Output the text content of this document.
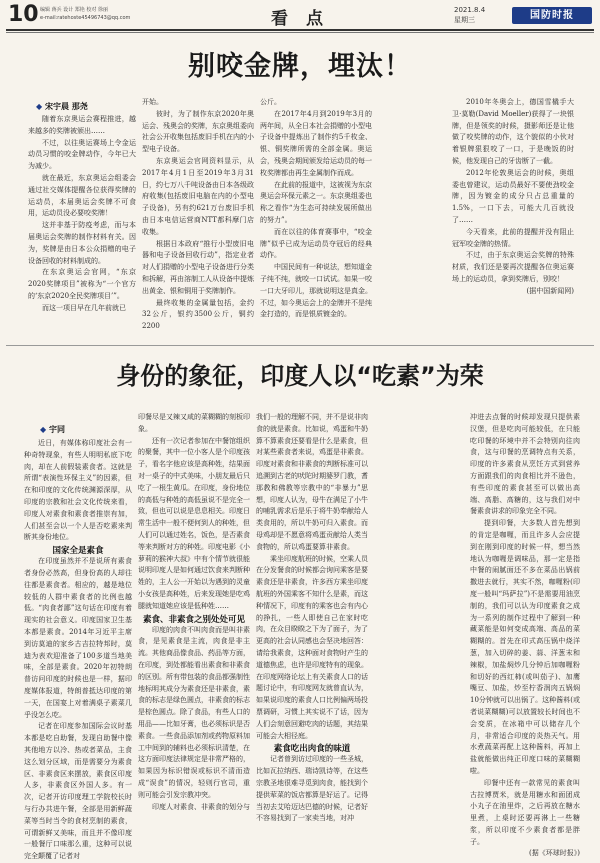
10 编辑 蒋兵 设计 郑艳 校对 徐丽
e-mail:ratehoste45496743@qq.com	看 点	2021.8.4
星期三	国防时报
别咬金牌，埋汰！
◆ 宋宇晨 那尧

随着东京奥运会赛程推进，越来越多的奖牌被颁出……

不过，以往奥运赛场上令金运动员习惯的咬金牌动作，今年已大为减少。

就在最近，东京奥运会组委会通过社交媒体提醒各位获得奖牌的运动员，本届奥运会奖牌不可食用，运动员没必要咬奖牌！

这并非基于防疫考虑，而与本届奥运会奖牌的制作材料有关。因为，奖牌是由日本公众捐赠的电子设备回收的材料制成的。

在东京奥运会官网，“东京2020奖牌项目”被称为“一个官方的‘东京2020全民奖牌项目’”。

而这一项目早在几年前就已

开始。

彼时，为了制作东京2020年奥运会、残奥会的奖牌，东京奥组委向社会公开收集包括废旧手机在内的小型电子设备。

东京奥运会官网资料显示，从2017年4月1日至2019年3月31日，约七万八千吨设备由日本各级政府收集(包括废旧电脑在内的小型电子设备)，另有约621万台废旧手机由日本电信运营商NTT都科摩门店收集。

根据日本政府“推行小型废旧电器和电子设备回收行动”，指定业者对人们捐赠的小型电子设备进行分类和拆解，再由溶制工人从设备中提炼出黄金、银和铜用于奖牌制作。

最终收集的金属量包括，金约32公斤，银约3500公斤，铜约2200

公斤。

在2017年4月到2019年3月的两年间，从全日本社会捐赠的小型电子设备中提炼出了制作约5千枚金、银、铜奖牌所需的全部金属。奥运会，残奥会期间颁发给运动员的每一枚奖牌都由再生金属制作而成。

在此前的报道中，这被视为东京奥运会环保元素之一。东京奥组委也称之看作“为生态可持续发展所做出的努力”。

而在以往的体育赛事中，“咬金牌”似乎已成为运动员夺冠后的经典动作。

中国民间有一种说法，想知道金子纯不纯，就咬一口试试。如果一咬一口大牙印儿，那就说明这是真金。不过，如今奥运会上的金牌并不是纯金打造的，而是银质镀金的。

2010年冬奥会上，德国雪橇手大卫·莫勒(David Moeller)获得了一块银牌，但是领奖的时候，摄影师还是让他做了咬奖牌的动作，这个貌似的小伙对着银牌狠狠咬了一口，于是晚饭的时候，他发现自己的牙齿断了一截。

2012年伦敦奥运会的时候，奥组委也曾建议，运动员最好不要使劲咬金牌，因为镀金的成分只占总重量的1.5%，一口下去，可能大几百就没了……

今天看来，此前的提醒并没有阻止冠军咬金牌的热情。

不过，由于东京奥运会奖牌的特殊材质，我们还是要再次提醒各位奥运赛场上的运动员，拿到奖牌后，别咬！

(据中国新闻网)

身份的象征，印度人以“吃素”为荣
◆ 宇同

近日，有媒体称印度社会有一种奇特现象，有些人明明私底下吃肉，却在人前假装素食者。这就是所谓“表演性环保主义”的因素，但在和印度的文化传统渊源深厚，从印度的宗教和社会文化传统来看，印度人对素食和素食者推崇有加，人们甚至会以一个人是否吃素来判断其身份地位。

国家全是素食

在印度虽然并不是说所有素食者身份必然高，但身份高的人却往往都是素食者。相应的，越是地位较低的人群中素食者的比例也越低。“肉食者鄙”这句话在印度有着现实的社会意义。印度国家卫生基本都是素食。2014年习近平主席到访莫迪的家乡古吉拉特邦时，莫迪为表欢迎准备了100多道当地美味，全部是素食。2020年初特朗普访问印度的时候也是一样，据印度媒体报道，特朗普抵达印度的第一天，在国宴上对着满桌子素菜几乎没怎么吃。

记者在印度参加国际会议时基本都是吃自助餐，发现自助餐中像其他地方以冷、热或者菜品，主食这么划分区域，而是需要分为素食区、非素食区来摆放，素食区印度人多，非素食区外国人多。有一次，记者开访印度理工学院校长时与行办共进午餐，全部是用新鲜蔬菜等当时当令的食材烹制的素食，可谓新鲜又美味，而且并不像印度一般餐厅口味那么重，这种可以说完全颠覆了记者对

印餐尽是又辣又咸的菜糊糊的刻板印象。

还有一次记者参加在中餐馆组织的聚餐，其中一位小客人是个印度孩子，看名字他应该是高种姓，结果面对一桌子的中式美味，小朋友最后只吃了一根生黄瓜。在印度，身份地位的高低与种姓的高低虽说不是完全一致，但也可以说是息息相关。印度日常生活中一般不便何到人的种姓，但人们可以通过姓名，饭色，是否素食等来判断对方的种姓。印度电影《小萝莉的猴神大叔》中有个情节就很能说明印度人是如何通过饮食来判断种姓的，主人公一开始以为遇到的灵童小女孩是高种姓，后来发现她是吃鸡腿就知道她应该是低种姓……

素食、非素食之别处处可见

印度的肉食不叫肉食而是叫非素食，是见素食是主流，肉食是非主流。其他商品像食品、药品等方面，在印度，到处都能看出素食和非素食的区别。所有带包装的食品都强制性地标明其成分为素食还是非素食，素食的标志是绿色圆点，非素食的标志是棕色圆点。除了食品，有些人口的用品——比如牙膏，也必须标识是否素食。一些食品添加剂或药物原料加工中间到的辅料也必须标识清楚，在这方面印度法律规定是非常严格的，如果因为标识错误或标识不清而造成“误食”的情况，轻则行官司，重则可能会引发宗教冲突。

印度人对素食、非素食的划分与

我们一般的理解不同，并不是说非肉食的就是素食。比如说，鸡蛋和牛奶算不算素食还要看是什么是素食，但对某些素食者来说，鸡蛋是非素食。印度对素食和非素食的判断标准可以追溯到古老的吠陀时期婆罗门教，耆那教和佛教等宗教中的“非暴力”思想，印度人认为，母牛在满足了小牛的哺乳需求后是乐于将牛奶奉献给人类食用的，所以牛奶可归入素食。而母鸡却是不愿意将鸡蛋贡献给人类当食物的，所以鸡蛋要算非素食。

乘坐印度航班的时候，空乘人员在分发餐食的时候都会询问乘客是要素食还是非素食，许多西方乘坐印度航班的外国乘客不知什么是素，而这种情况下，印度有的乘客也会有内心的挣扎，一些人即使自己在家时吃肉，在众目睽睽之下为了面子，为了更高的社会认同感也会坚决地回答：请给我素食，这种面对食物时产生的道德焦虑，也许是印度特有的现象。在印度网络论坛上有关素食人口的话题讨论中，有印度网友就曾直认为，如果说印度的素食人口比例偏两场投票调研，习惯上其实说不了话，因为人们会刻意回避吃肉的话题，其结果可能会大相径庭。

素食吃出肉食的味道

记者曾到访过印度的一些圣城，比如瓦拉纳西、瑞诗凯诗等，在这些宗教圣地很难寻觅到肉食，能找到个提供荤菜的饭店都算是好运了。记得当初去艾哈迈达巴德的时候，记者好不容易找到了一家卖当地，对冲

冲进去点餐的时候却发现只提供素汉堡，但是吃肉可能较低，在只能吃印餐的环境中并不会特别向往肉食，这与印餐的烹调特点有关系，印度的许多素食从烹饪方式到营养方面跟我们的肉食相比并不逊色，有些印度的素食甚至可以做出高端、高脂、高糖的，这与我们对中餐素食讲求的印象完全不同。

提到印餐，大多数人首先想到的肯定是咖喱，而且许多人会应提到在刚到印度的时候一样，想当然地认为咖喱是调味品，那一定是指中餐的闹腻面还不多在菜品出锅前撒进去就行，其实不然，咖喱粉(印度一般叫“玛萨拉”)不是需要用油烹制的，我们可以认为印度素食之成为一系列的制作过程中了解到一种藏菜能是如何变成高端、高品的菜糊糊的。首先在印式高压锅中烧洋葱，加入切碎的姜、蒜、洋葱末和辣椒，加盐焖炒几分钟后加咖喱粉和切好的西红柿(或叫茄子)、加鹰嘴豆、加盐，炒至柠香润肉五锅焖10分钟就可以出锅了。这种酱料(或者说菜糊糊)可以放置较长时间也不会变质，在冰箱中可以储存几个月，非常适合印度的炎热天气。用水煮蔬菜再配上这种酱料，再加上盐就能做出纯正印度口味的菜糊糊啦。

印餐中还有一款常见的素食叫古拉博贾米，就是用糖水和面团成小丸子在油里炸，之后再放在糖水里煮，上桌时还要再淋上一些糖浆，所以印度不少素食者都是胖子。

(据《环球时报》)
